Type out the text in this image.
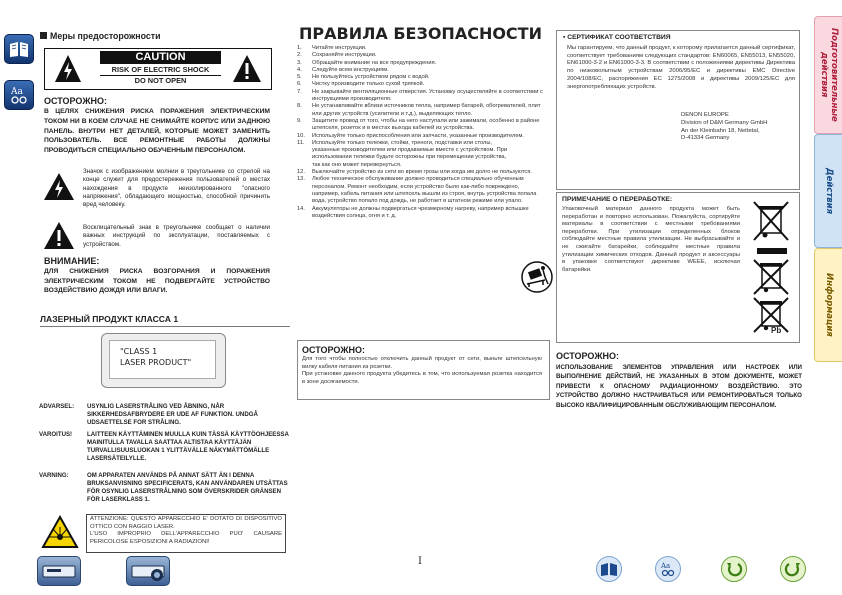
Aa
Меры предосторожности
CAUTION
RISK OF ELECTRIC SHOCK
DO NOT OPEN
ОСТОРОЖНО:
В ЦЕЛЯХ СНИЖЕНИЯ РИСКА ПОРАЖЕНИЯ ЭЛЕКТРИЧЕСКИМ ТОКОМ НИ В КОЕМ СЛУЧАЕ НЕ СНИМАЙТЕ КОРПУС ИЛИ ЗАДНЮЮ ПАНЕЛЬ. ВНУТРИ НЕТ ДЕТАЛЕЙ, КОТОРЫЕ МОЖЕТ ЗАМЕНИТЬ ПОЛЬЗОВАТЕЛЬ. ВСЕ РЕМОНТНЫЕ РАБОТЫ ДОЛЖНЫ ПРОВОДИТЬСЯ СПЕЦИАЛЬНО ОБУЧЕННЫМ ПЕРСОНАЛОМ.
Значок с изображением молнии в треугольнике со стрелой на конце служит для предостережения пользователей о местах нахождения в продукте неизолированного "опасного напряжения", обладающего мощностью, способной причинить вред человеку.
Восклицательный знак в треугольнике сообщает о наличии важных инструкций по эксплуатации, поставляемых с устройством.
ВНИМАНИЕ:
ДЛЯ СНИЖЕНИЯ РИСКА ВОЗГОРАНИЯ И ПОРАЖЕНИЯ ЭЛЕКТРИЧЕСКИМ ТОКОМ НЕ ПОДВЕРГАЙТЕ УСТРОЙСТВО ВОЗДЕЙСТВИЮ ДОЖДЯ ИЛИ ВЛАГИ.
ЛАЗЕРНЫЙ ПРОДУКТ КЛАССА 1
"CLASS 1
LASER PRODUCT"
ADVARSEL: USYNLIG LASERSTRÅLING VED ÅBNING, NÅR SIKKERHEDSAFBRYDERE ER UDE AF FUNKTION. UNDGÅ UDSAETTELSE FOR STRÅLING.
VAROITUS! LAITTEEN KÄYTTÄMINEN MUULLA KUIN TÄSSÄ KÄYTTÖOHJEESSA MAINITULLA TAVALLA SAATTAA ALTISTAA KÄYTTÄJÄN TURVALLISUUSLUOKAN 1 YLITTÄVÄLLE NÄKYMÄTTÖMÄLLE LASERSÄTEILYLLE.
VARNING:	OM APPARATEN ANVÄNDS PÅ ANNAT SÄTT ÄN I DENNA BRUKSANVISNING SPECIFICERATS, KAN ANVÄNDAREN UTSÄTTAS FÖR OSYNLIG LASERSTRÅLNING SOM ÖVERSKRIDER GRÄNSEN FÖR LASERKLASS 1.
ATTENZIONE: QUESTO APPARECCHIO E' DOTATO DI DISPOSITIVO OTTICO CON RAGGIO LASER.
L'USO IMPROPRIO DELL'APPARECCHIO PUO' CAUSARE PERICOLOSE ESPOSIZIONI A RADIAZIONI!
ПРАВИЛА БЕЗОПАСНОСТИ
1. Читайте инструкции.
2. Сохраняйте инструкции.
3. Обращайте внимание на все предупреждения.
4. Следуйте всем инструкциям.
5. Не пользуйтесь устройством рядом с водой.
6. Чистку производите только сухой тряпкой.
7. Не закрывайте вентиляционные отверстия. Установку осуществляйте в соответствии с инструкциями производителя.
8. Не устанавливайте вблизи источников тепла, например батарей, обогревателей, плит или других устройств (усилители и т.д.), выделяющих тепло.
9. Защитите провод от того, чтобы на него наступали или зажимали, особенно в районе штепселя, розеток и в местах выхода кабелей из устройства.
10. Используйте только приспособления или запчасти, указанные производителем.
11. Используйте только тележки, стойки, треноги, подставки или столы, указанные производителем или продаваемые вместе с устройством. При использовании тележки будьте осторожны при перемещении устройства, так как оно может перевернуться.
12. Выключайте устройство из сети во время грозы или когда им долго не пользуются.
13. Любое техническое обслуживание должно проводиться специально обученным персоналом. Ремонт необходим, если устройство было как-либо повреждено, например, кабель питания или штепсель вышли из строя, внутрь устройства попала вода, устройство попало под дождь, не работает в штатном режиме или упало.
14. Аккумуляторы не должны подвергаться чрезмерному нагреву, например вспышке воздействия солнца, огня и т. д.
ОСТОРОЖНО:
Для того чтобы полностью отключить данный продукт от сети, выньте штепсельную вилку кабеля питания из розетки.
При установке данного продукта убедитесь в том, что используемая розетка находится в зоне досягаемости.
I
▪ СЕРТИФИКАТ СООТВЕТСТВИЯ
Мы гарантируем, что данный продукт, к которому прилагается данный сертификат, соответствует требованиям следующих стандартов: EN60065, EN55013, EN55020, EN61000-3-2 и EN61000-3-3. В соответствии с положениями директивы Директива по низковольтным устройствам 2006/95/EC и директивы EMC Directive 2004/108/EC, распоряжения EC 1275/2008 и директивы 2009/125/EC для энергопотребляющих устройств.
DENON EUROPE
Division of D&M Germany GmbH
An der Kleinbahn 18, Nettetal,
D-41334 Germany
ПРИМЕЧАНИЕ О ПЕРЕРАБОТКЕ:
Упаковочный материал данного продукта может быть переработан и повторно использован. Пожалуйста, сортируйте материалы в соответствии с местными требованиями переработки. При утилизации определенных блоков соблюдайте местные правила утилизации. Не выбрасывайте и не сжигайте батарейки, соблюдайте местные правила утилизации химических отходов. Данный продукт и аксессуары в упаковке соответствуют директиве WEEE, исключая батарейки.
Pb
ОСТОРОЖНО:
ИСПОЛЬЗОВАНИЕ ЭЛЕМЕНТОВ УПРАВЛЕНИЯ ИЛИ НАСТРОЕК ИЛИ ВЫПОЛНЕНИЕ ДЕЙСТВИЙ, НЕ УКАЗАННЫХ В ЭТОМ ДОКУМЕНТЕ, МОЖЕТ ПРИВЕСТИ К ОПАСНОМУ РАДИАЦИОННОМУ ВОЗДЕЙСТВИЮ. ЭТО УСТРОЙСТВО ДОЛЖНО НАСТРАИВАТЬСЯ ИЛИ РЕМОНТИРОВАТЬСЯ ТОЛЬКО ВЫСОКО КВАЛИФИЦИРОВАННЫМ ОБСЛУЖИВАЮЩИМ ПЕРСОНАЛОМ.
Подготовительные действия
Действия
Информация
Aa
